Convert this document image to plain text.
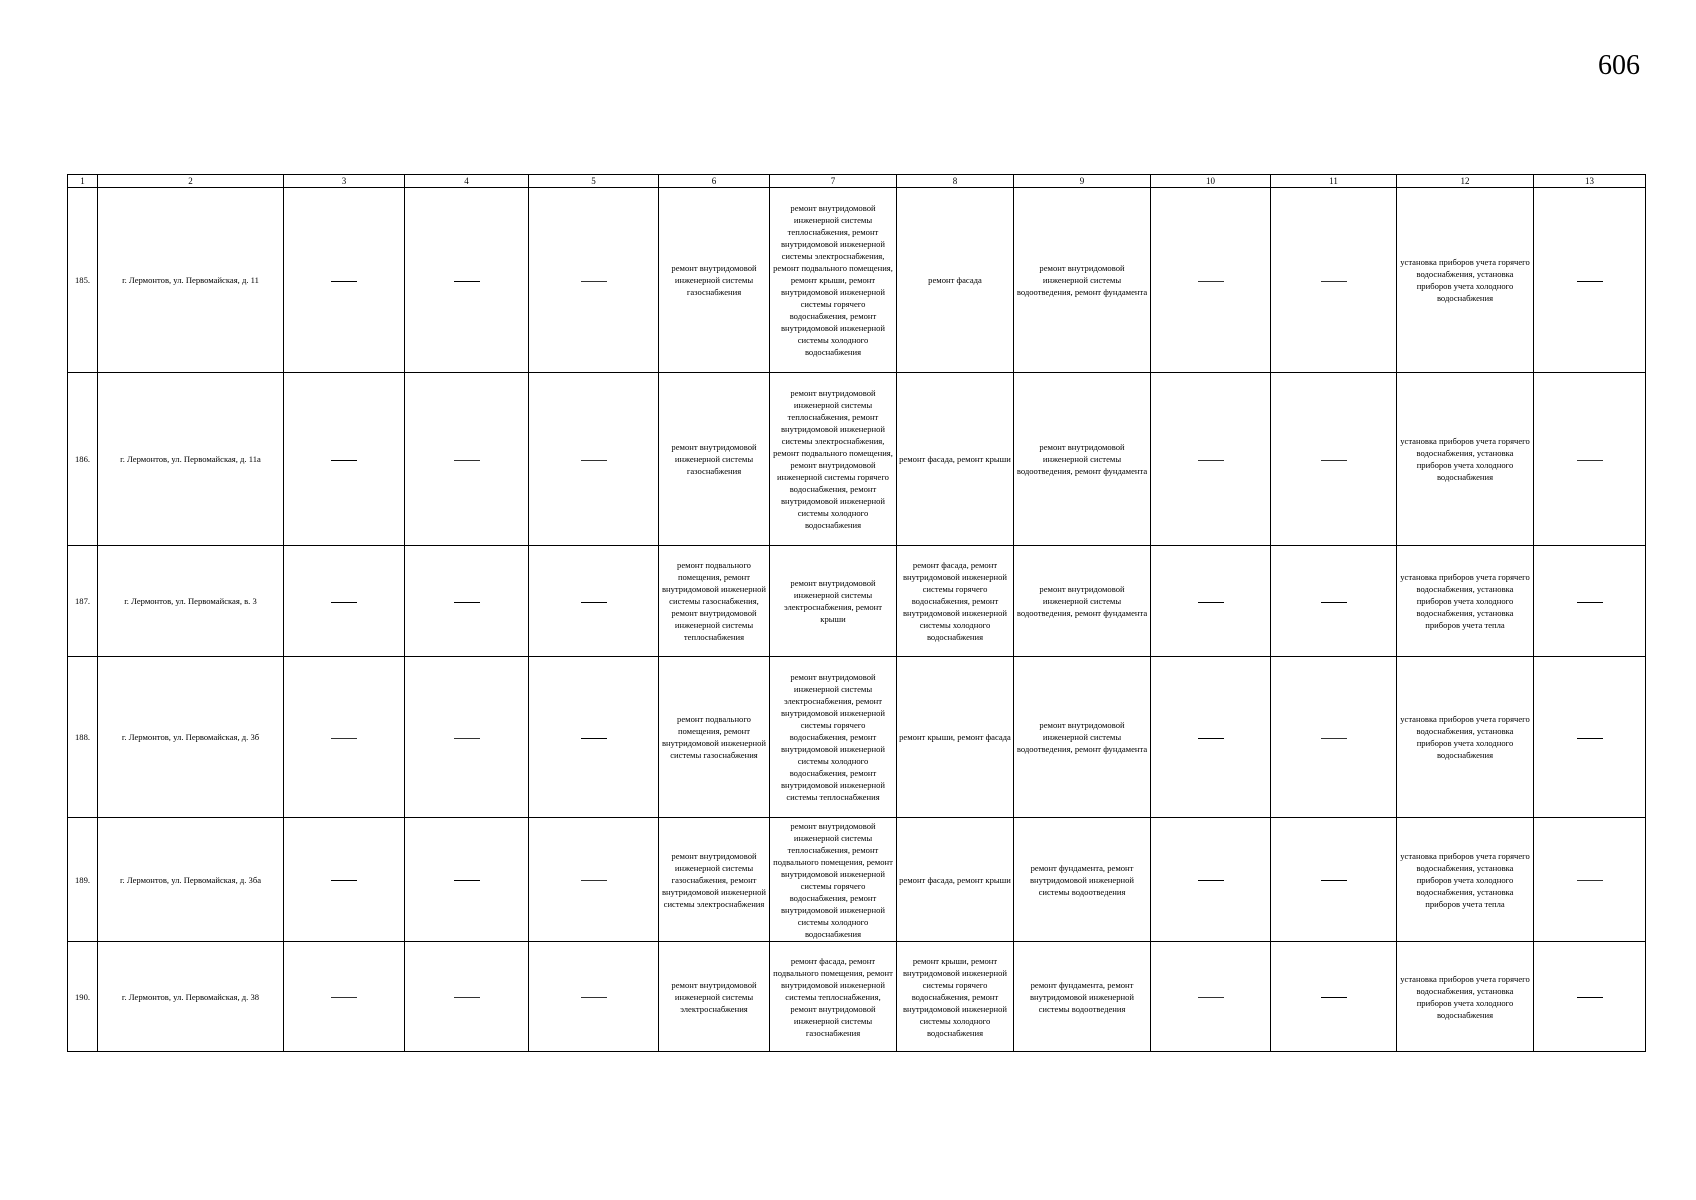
606
1	2	3	4	5	6	7	8	9	10	11	12	13
185.	г. Лермонтов, ул. Первомайская, д. 11				ремонт внутридомовой инженерной системы газоснабжения	ремонт внутридомовой инженерной системы теплоснабжения, ремонт внутридомовой инженерной системы электроснабжения, ремонт подвального помещения, ремонт крыши, ремонт внутридомовой инженерной системы горячего водоснабжения, ремонт внутридомовой инженерной системы холодного водоснабжения	ремонт фасада	ремонт внутридомовой инженерной системы водоотведения, ремонт фундамента			установка приборов учета горячего водоснабжения, установка приборов учета холодного водоснабжения	
186.	г. Лермонтов, ул. Первомайская, д. 11а				ремонт внутридомовой инженерной системы газоснабжения	ремонт внутридомовой инженерной системы теплоснабжения, ремонт внутридомовой инженерной системы электроснабжения, ремонт подвального помещения, ремонт внутридомовой инженерной системы горячего водоснабжения, ремонт внутридомовой инженерной системы холодного водоснабжения	ремонт фасада, ремонт крыши	ремонт внутридомовой инженерной системы водоотведения, ремонт фундамента			установка приборов учета горячего водоснабжения, установка приборов учета холодного водоснабжения	
187.	г. Лермонтов, ул. Первомайская, в. 3				ремонт подвального помещения, ремонт внутридомовой инженерной системы газоснабжения, ремонт внутридомовой инженерной системы теплоснабжения	ремонт внутридомовой инженерной системы электроснабжения, ремонт крыши	ремонт фасада, ремонт внутридомовой инженерной системы горячего водоснабжения, ремонт внутридомовой инженерной системы холодного водоснабжения	ремонт внутридомовой инженерной системы водоотведения, ремонт фундамента			установка приборов учета горячего водоснабжения, установка приборов учета холодного водоснабжения, установка приборов учета тепла	
188.	г. Лермонтов, ул. Первомайская, д. 3б				ремонт подвального помещения, ремонт внутридомовой инженерной системы газоснабжения	ремонт внутридомовой инженерной системы электроснабжения, ремонт внутридомовой инженерной системы горячего водоснабжения, ремонт внутридомовой инженерной системы холодного водоснабжения, ремонт внутридомовой инженерной системы теплоснабжения	ремонт крыши, ремонт фасада	ремонт внутридомовой инженерной системы водоотведения, ремонт фундамента			установка приборов учета горячего водоснабжения, установка приборов учета холодного водоснабжения	
189.	г. Лермонтов, ул. Первомайская, д. 3ба				ремонт внутридомовой инженерной системы газоснабжения, ремонт внутридомовой инженерной системы электроснабжения	ремонт внутридомовой инженерной системы теплоснабжения, ремонт подвального помещения, ремонт внутридомовой инженерной системы горячего водоснабжения, ремонт внутридомовой инженерной системы холодного водоснабжения	ремонт фасада, ремонт крыши	ремонт фундамента, ремонт внутридомовой инженерной системы водоотведения			установка приборов учета горячего водоснабжения, установка приборов учета холодного водоснабжения, установка приборов учета тепла	
190.	г. Лермонтов, ул. Первомайская, д. 38				ремонт внутридомовой инженерной системы электроснабжения	ремонт фасада, ремонт подвального помещения, ремонт внутридомовой инженерной системы теплоснабжения, ремонт внутридомовой инженерной системы газоснабжения	ремонт крыши, ремонт внутридомовой инженерной системы горячего водоснабжения, ремонт внутридомовой инженерной системы холодного водоснабжения	ремонт фундамента, ремонт внутридомовой инженерной системы водоотведения			установка приборов учета горячего водоснабжения, установка приборов учета холодного водоснабжения	
